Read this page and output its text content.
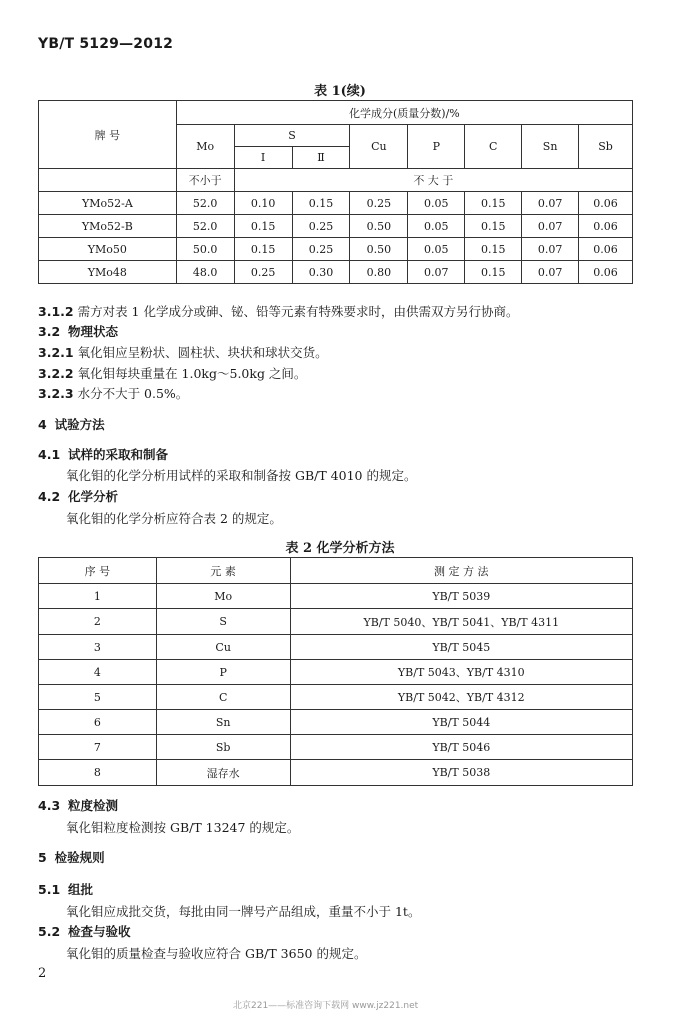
YB/T 5129—2012
表 1(续)
牌 号	化学成分(质量分数)/%							
	Mo	S		Cu	P	C	Sn	Sb
		Ⅰ	Ⅱ					
	不小于	不 大 于						
YMo52-A	52.0	0.10	0.15	0.25	0.05	0.15	0.07	0.06
YMo52-B	52.0	0.15	0.25	0.50	0.05	0.15	0.07	0.06
YMo50	50.0	0.15	0.25	0.50	0.05	0.15	0.07	0.06
YMo48	48.0	0.25	0.30	0.80	0.07	0.15	0.07	0.06
3.1.2 需方对表 1 化学成分或砷、铋、铅等元素有特殊要求时，由供需双方另行协商。
3.2 物理状态
3.2.1 氧化钼应呈粉状、圆柱状、块状和球状交货。
3.2.2 氧化钼每块重量在 1.0kg～5.0kg 之间。
3.2.3 水分不大于 0.5%。
4 试验方法
4.1 试样的采取和制备
氧化钼的化学分析用试样的采取和制备按 GB/T 4010 的规定。
4.2 化学分析
氧化钼的化学分析应符合表 2 的规定。
表 2 化学分析方法
序 号	元 素	测 定 方 法
1	Mo	YB/T 5039
2	S	YB/T 5040、YB/T 5041、YB/T 4311
3	Cu	YB/T 5045
4	P	YB/T 5043、YB/T 4310
5	C	YB/T 5042、YB/T 4312
6	Sn	YB/T 5044
7	Sb	YB/T 5046
8	湿存水	YB/T 5038
4.3 粒度检测
氧化钼粒度检测按 GB/T 13247 的规定。
5 检验规则
5.1 组批
氧化钼应成批交货，每批由同一牌号产品组成，重量不小于 1t。
5.2 检查与验收
氧化钼的质量检查与验收应符合 GB/T 3650 的规定。
2
北京221——标准咨询下载网 www.jz221.net
